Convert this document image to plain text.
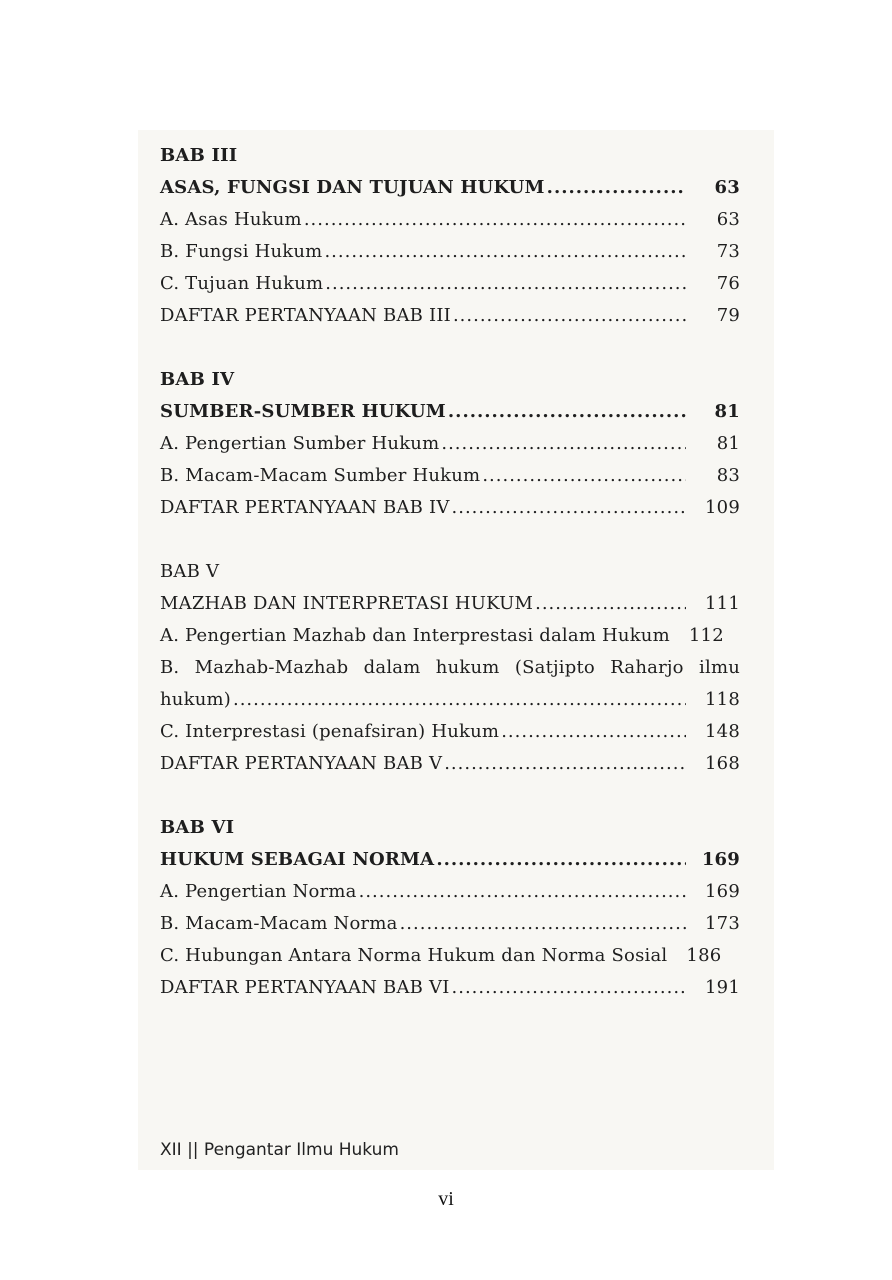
BAB III
ASAS, FUNGSI DAN TUJUAN HUKUM .....	63
A. Asas Hukum .....	63
B. Fungsi Hukum .....	73
C. Tujuan Hukum .....	76
DAFTAR PERTANYAAN BAB III .....	79
BAB IV
SUMBER-SUMBER HUKUM .....	81
A. Pengertian Sumber Hukum .....	81
B. Macam-Macam Sumber Hukum .....	83
DAFTAR PERTANYAAN BAB IV .....	109
BAB V
MAZHAB DAN INTERPRETASI HUKUM .....	111
A. Pengertian Mazhab dan Interprestasi dalam Hukum	112
B. Mazhab-Mazhab dalam hukum (Satjipto Raharjo ilmu
hukum) .....	118
C. Interprestasi (penafsiran) Hukum .....	148
DAFTAR PERTANYAAN BAB V .....	168
BAB VI
HUKUM SEBAGAI NORMA .....	169
A. Pengertian Norma .....	169
B. Macam-Macam Norma .....	173
C. Hubungan Antara Norma Hukum dan Norma Sosial	186
DAFTAR PERTANYAAN BAB VI .....	191
XII || Pengantar Ilmu Hukum
vi
